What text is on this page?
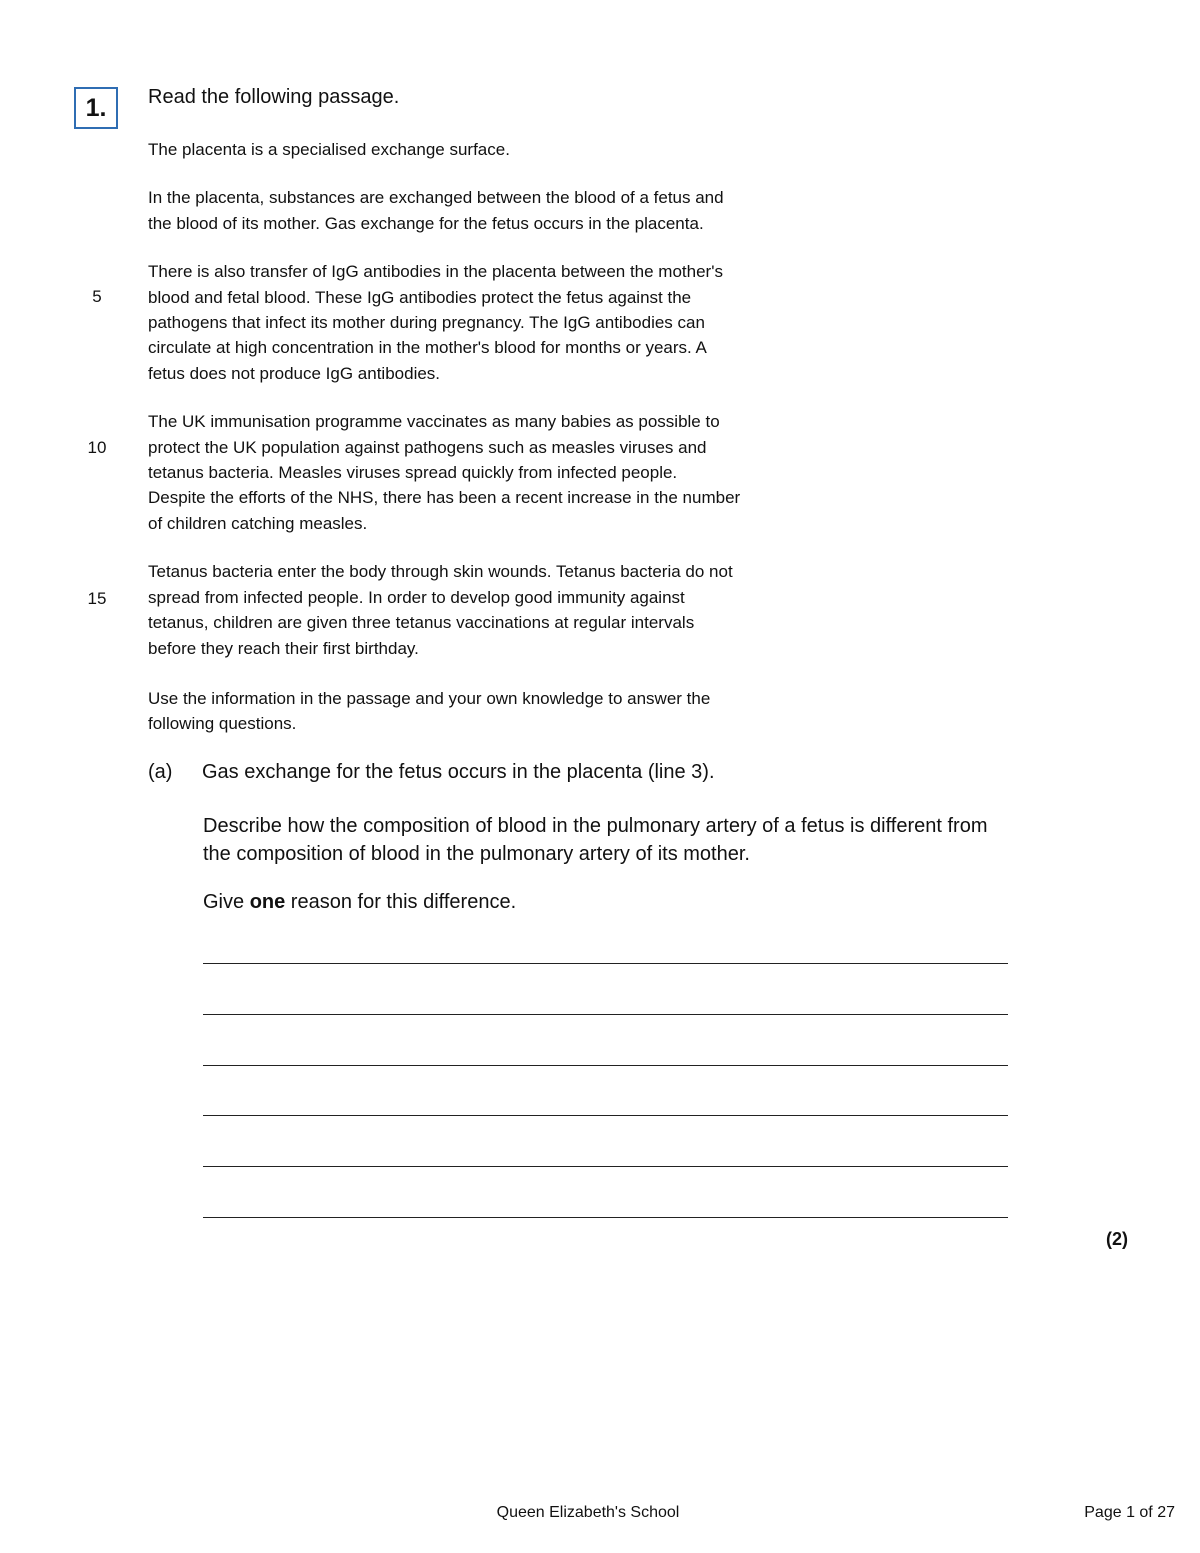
1. Read the following passage.

The placenta is a specialised exchange surface.

In the placenta, substances are exchanged between the blood of a fetus and
the blood of its mother. Gas exchange for the fetus occurs in the placenta.

There is also transfer of IgG antibodies in the placenta between the mother's
blood and fetal blood. These IgG antibodies protect the fetus against the
pathogens that infect its mother during pregnancy. The IgG antibodies can
circulate at high concentration in the mother's blood for months or years. A
fetus does not produce IgG antibodies.

The UK immunisation programme vaccinates as many babies as possible to
protect the UK population against pathogens such as measles viruses and
tetanus bacteria. Measles viruses spread quickly from infected people.
Despite the efforts of the NHS, there has been a recent increase in the number
of children catching measles.

Tetanus bacteria enter the body through skin wounds. Tetanus bacteria do not
spread from infected people. In order to develop good immunity against
tetanus, children are given three tetanus vaccinations at regular intervals
before they reach their first birthday.

5
10
15
Use the information in the passage and your own knowledge to answer the
following questions.
(a) Gas exchange for the fetus occurs in the placenta (line 3).
Describe how the composition of blood in the pulmonary artery of a fetus is different from
the composition of blood in the pulmonary artery of its mother.
Give one reason for this difference.
(2)
Queen Elizabeth's School	Page 1 of 27
